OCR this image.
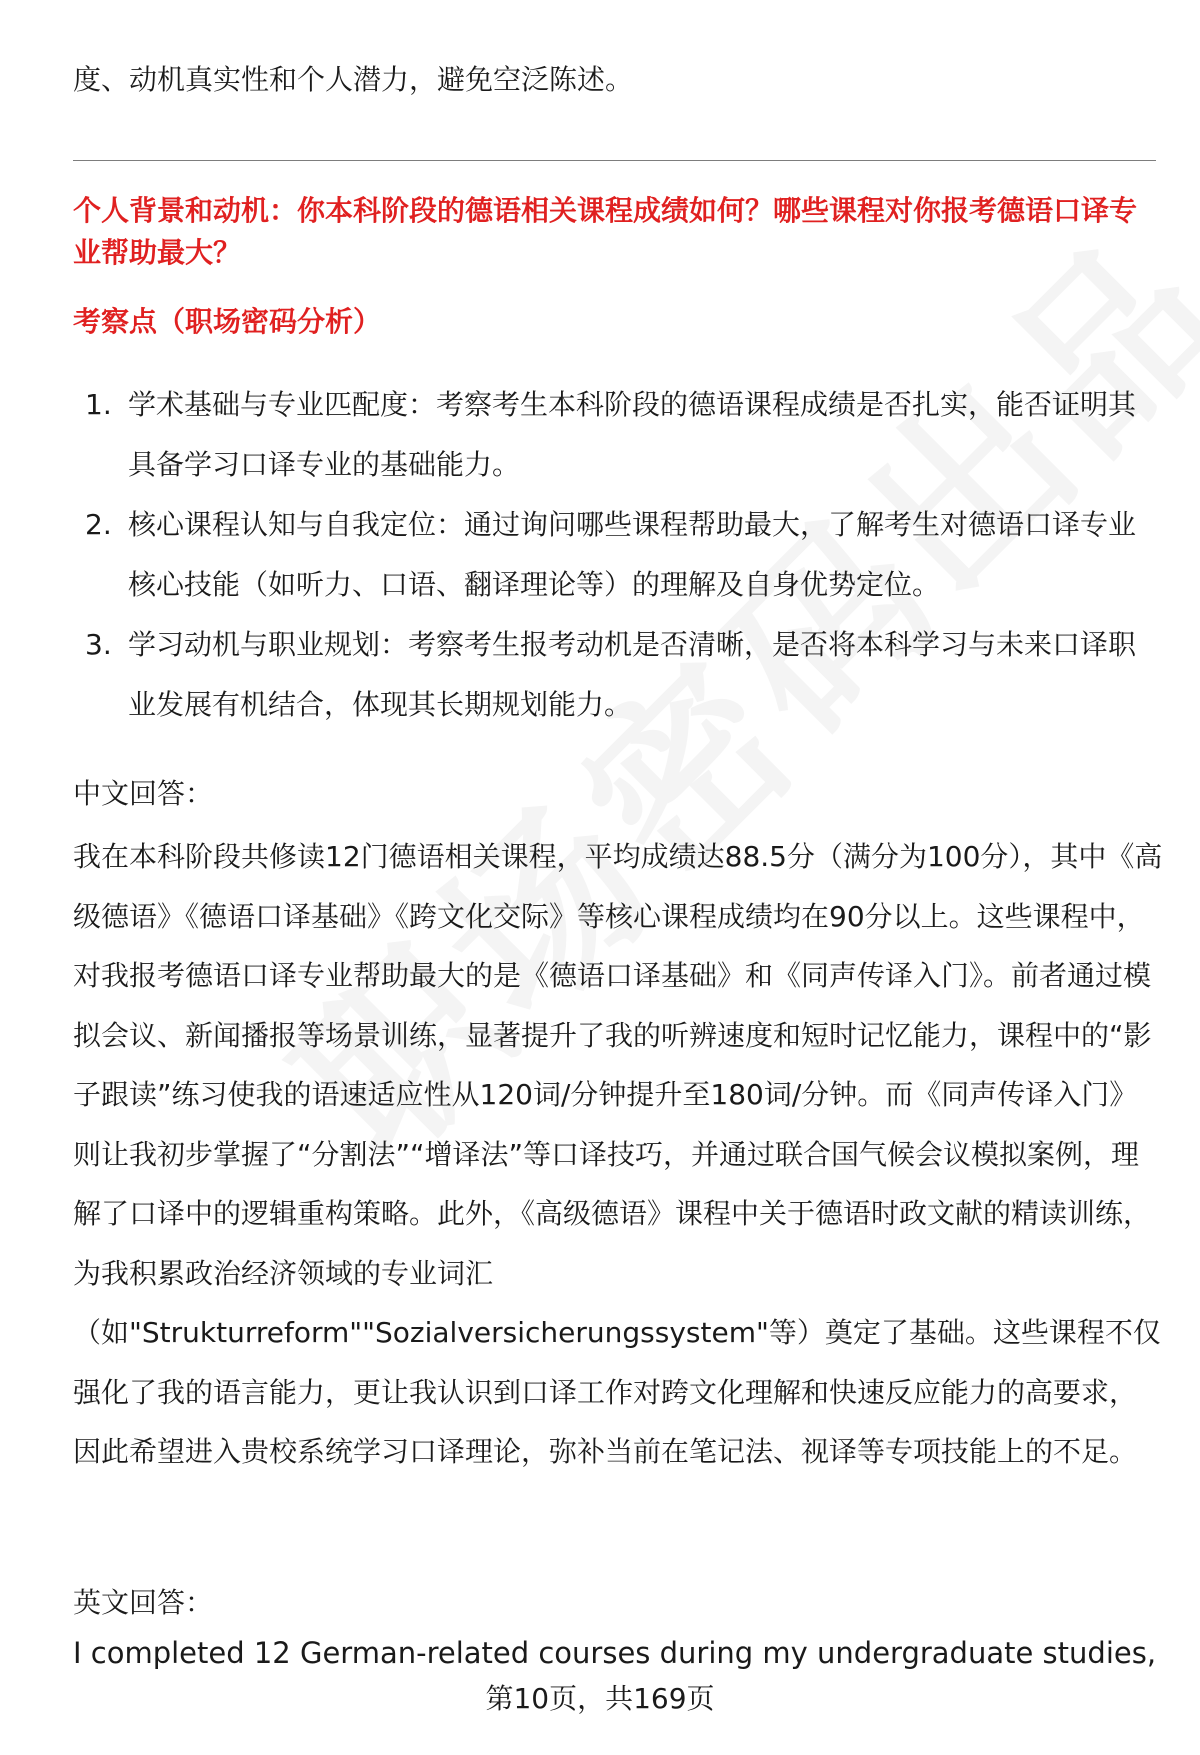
度、动机真实性和个人潜力，避免空泛陈述。
个人背景和动机：你本科阶段的德语相关课程成绩如何？哪些课程对你报考德语口译专业帮助最大？
考察点（职场密码分析）
1. 学术基础与专业匹配度：考察考生本科阶段的德语课程成绩是否扎实，能否证明其具备学习口译专业的基础能力。
2. 核心课程认知与自我定位：通过询问哪些课程帮助最大，了解考生对德语口译专业核心技能（如听力、口语、翻译理论等）的理解及自身优势定位。
3. 学习动机与职业规划：考察考生报考动机是否清晰，是否将本科学习与未来口译职业发展有机结合，体现其长期规划能力。
中文回答：

我在本科阶段共修读12门德语相关课程，平均成绩达88.5分（满分为100分），其中《高级德语》《德语口译基础》《跨文化交际》等核心课程成绩均在90分以上。这些课程中，对我报考德语口译专业帮助最大的是《德语口译基础》和《同声传译入门》。前者通过模拟会议、新闻播报等场景训练，显著提升了我的听辨速度和短时记忆能力，课程中的“影子跟读”练习使我的语速适应性从120词/分钟提升至180词/分钟。而《同声传译入门》则让我初步掌握了“分割法”“增译法”等口译技巧，并通过联合国气候会议模拟案例，理解了口译中的逻辑重构策略。此外，《高级德语》课程中关于德语时政文献的精读训练，为我积累政治经济领域的专业词汇（如"Strukturreform""Sozialversicherungssystem"等）奠定了基础。这些课程不仅强化了我的语言能力，更让我认识到口译工作对跨文化理解和快速反应能力的高要求，因此希望进入贵校系统学习口译理论，弥补当前在笔记法、视译等专项技能上的不足。

英文回答：
I completed 12 German-related courses during my undergraduate studies,
第10页，共169页
